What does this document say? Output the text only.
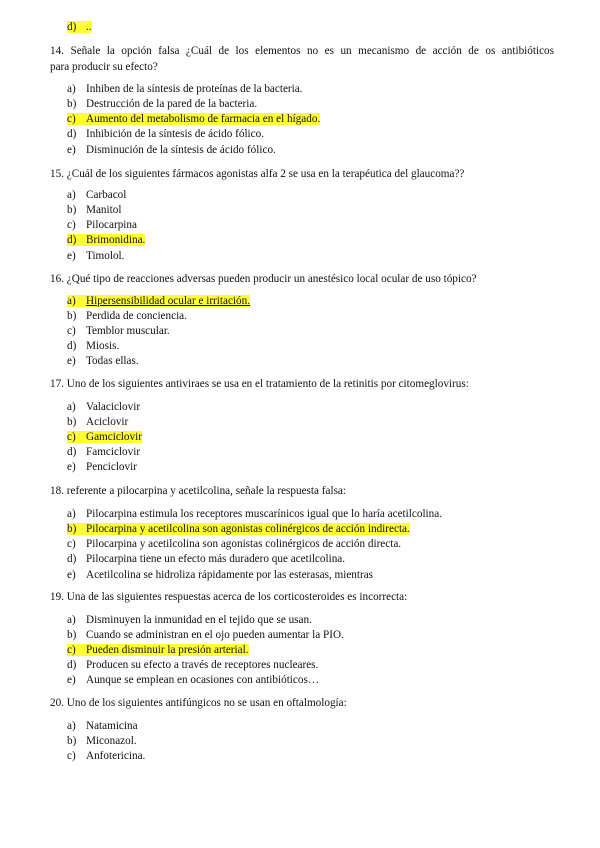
d) ..
14. Señale la opción falsa ¿Cuál de los elementos no es un mecanismo de acción de os antibióticos
para producir su efecto?
a) Inhiben de la síntesis de proteínas de la bacteria.
b) Destrucción de la pared de la bacteria.
c) Aumento del metabolismo de farmacia en el hígado.
d) Inhibición de la síntesis de ácido fólico.
e) Disminución de la síntesis de ácido fólico.
15. ¿Cuál de los siguientes fármacos agonistas alfa 2 se usa en la terapéutica del glaucoma??
a) Carbacol
b) Manitol
c) Pilocarpina
d) Brimonidina.
e) Timolol.
16. ¿Qué tipo de reacciones adversas pueden producir un anestésico local ocular de uso tópico?
a) Hipersensibilidad ocular e irritación.
b) Perdida de conciencia.
c) Temblor muscular.
d) Miosis.
e) Todas ellas.
17. Uno de los siguientes antiviraes se usa en el tratamiento de la retinitis por citomeglovirus:
a) Valaciclovir
b) Aciclovir
c) Gamciclovir
d) Famciclovir
e) Penciclovir
18. referente a pilocarpina y acetilcolina, señale la respuesta falsa:
a) Pilocarpina estimula los receptores muscarínicos igual que lo haría acetilcolina.
b) Pilocarpina y acetilcolina son agonistas colinérgicos de acción indirecta.
c) Pilocarpina y acetilcolina son agonistas colinérgicos de acción directa.
d) Pilocarpina tiene un efecto más duradero que acetilcolina.
e) Acetilcolina se hidroliza rápidamente por las esterasas, mientras
19. Una de las siguientes respuestas acerca de los corticosteroides es incorrecta:
a) Disminuyen la inmunidad en el tejido que se usan.
b) Cuando se administran en el ojo pueden aumentar la PIO.
c) Pueden disminuir la presión arterial.
d) Producen su efecto a través de receptores nucleares.
e) Aunque se emplean en ocasiones con antibióticos…
20. Uno de los siguientes antifúngicos no se usan en oftalmología:
a) Natamicina
b) Miconazol.
c) Anfotericina.
